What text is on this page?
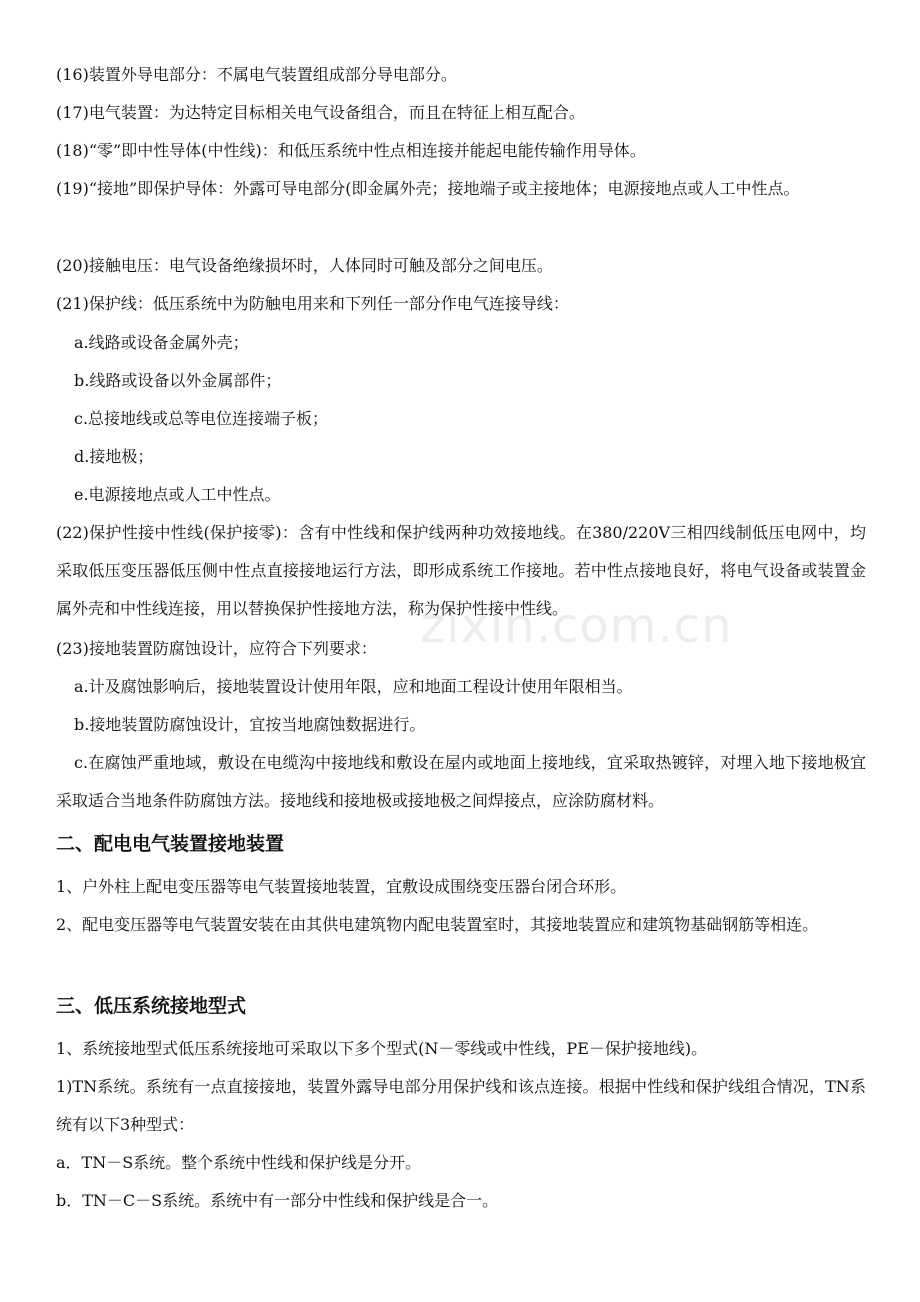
(16)装置外导电部分：不属电气装置组成部分导电部分。
(17)电气装置：为达特定目标相关电气设备组合，而且在特征上相互配合。
(18)“零”即中性导体(中性线)：和低压系统中性点相连接并能起电能传输作用导体。
(19)“接地”即保护导体：外露可导电部分(即金属外壳；接地端子或主接地体；电源接地点或人工中性点。
(20)接触电压：电气设备绝缘损坏时，人体同时可触及部分之间电压。
(21)保护线：低压系统中为防触电用来和下列任一部分作电气连接导线：
a.线路或设备金属外壳；
b.线路或设备以外金属部件；
c.总接地线或总等电位连接端子板；
d.接地极；
e.电源接地点或人工中性点。
(22)保护性接中性线(保护接零)：含有中性线和保护线两种功效接地线。在380/220V三相四线制低压电网中，均采取低压变压器低压侧中性点直接接地运行方法，即形成系统工作接地。若中性点接地良好，将电气设备或装置金属外壳和中性线连接，用以替换保护性接地方法，称为保护性接中性线。
(23)接地装置防腐蚀设计，应符合下列要求：
a.计及腐蚀影响后，接地装置设计使用年限，应和地面工程设计使用年限相当。
b.接地装置防腐蚀设计，宜按当地腐蚀数据进行。
c.在腐蚀严重地域，敷设在电缆沟中接地线和敷设在屋内或地面上接地线，宜采取热镀锌，对埋入地下接地极宜采取适合当地条件防腐蚀方法。接地线和接地极或接地极之间焊接点，应涂防腐材料。
二、配电电气装置接地装置
1、户外柱上配电变压器等电气装置接地装置，宜敷设成围绕变压器台闭合环形。
2、配电变压器等电气装置安装在由其供电建筑物内配电装置室时，其接地装置应和建筑物基础钢筋等相连。
三、低压系统接地型式
1、系统接地型式低压系统接地可采取以下多个型式(N－零线或中性线，PE－保护接地线)。
1)TN系统。系统有一点直接接地，装置外露导电部分用保护线和该点连接。根据中性线和保护线组合情况，TN系统有以下3种型式：
a．TN－S系统。整个系统中性线和保护线是分开。
b．TN－C－S系统。系统中有一部分中性线和保护线是合一。
zixin.com.cn
